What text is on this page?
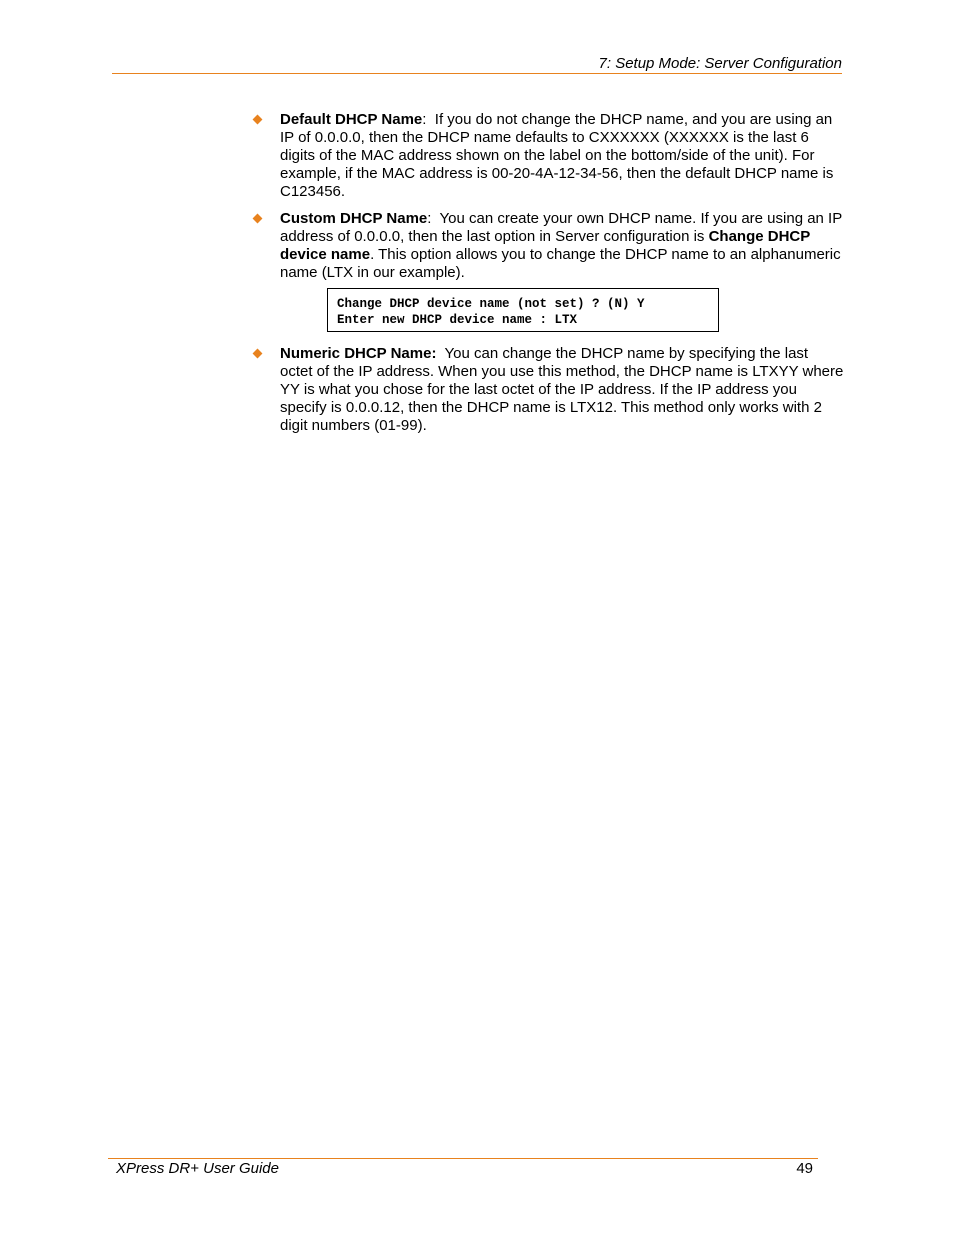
7: Setup Mode: Server Configuration

Default DHCP Name:  If you do not change the DHCP name, and you are using an IP of 0.0.0.0, then the DHCP name defaults to CXXXXXX (XXXXXX is the last 6 digits of the MAC address shown on the label on the bottom/side of the unit). For example, if the MAC address is 00-20-4A-12-34-56, then the default DHCP name is C123456.

Custom DHCP Name:  You can create your own DHCP name. If you are using an IP address of 0.0.0.0, then the last option in Server configuration is Change DHCP device name. This option allows you to change the DHCP name to an alphanumeric name (LTX in our example).

Change DHCP device name (not set) ? (N) Y
Enter new DHCP device name : LTX

Numeric DHCP Name:  You can change the DHCP name by specifying the last octet of the IP address. When you use this method, the DHCP name is LTXYY where YY is what you chose for the last octet of the IP address. If the IP address you specify is 0.0.0.12, then the DHCP name is LTX12. This method only works with 2 digit numbers (01-99).

XPress DR+ User Guide	49
